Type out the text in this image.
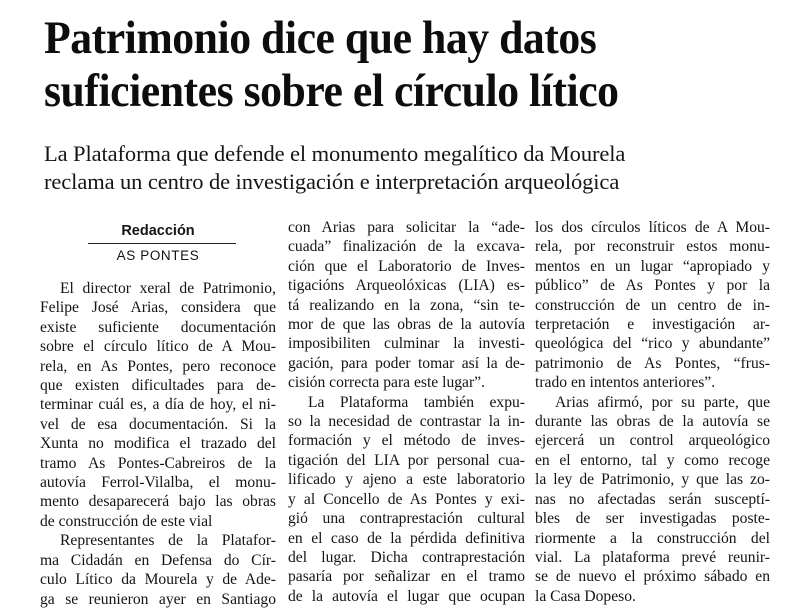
Patrimonio dice que hay datos
suficientes sobre el círculo lítico
La Plataforma que defende el monumento megalítico da Mourela
reclama un centro de investigación e interpretación arqueológica
Redacción
AS PONTES
El director xeral de Patrimonio,
Felipe José Arias, considera que
existe suficiente documentación
sobre el círculo lítico de A Mou-
rela, en As Pontes, pero reconoce
que existen dificultades para de-
terminar cuál es, a día de hoy, el ni-
vel de esa documentación. Si la
Xunta no modifica el trazado del
tramo As Pontes-Cabreiros de la
autovía Ferrol-Vilalba, el monu-
mento desaparecerá bajo las obras
de construcción de este vial
Representantes de la Platafor-
ma Cidadán en Defensa do Cír-
culo Lítico da Mourela y de Ade-
ga se reunieron ayer en Santiago
con Arias para solicitar la “ade-
cuada” finalización de la excava-
ción que el Laboratorio de Inves-
tigacións Arqueolóxicas (LIA) es-
tá realizando en la zona, “sin te-
mor de que las obras de la autovía
imposibiliten culminar la investi-
gación, para poder tomar así la de-
cisión correcta para este lugar”.
La Plataforma también expu-
so la necesidad de contrastar la in-
formación y el método de inves-
tigación del LIA por personal cua-
lificado y ajeno a este laboratorio
y al Concello de As Pontes y exi-
gió una contraprestación cultural
en el caso de la pérdida definitiva
del lugar. Dicha contraprestación
pasaría por señalizar en el tramo
de la autovía el lugar que ocupan
los dos círculos líticos de A Mou-
rela, por reconstruir estos monu-
mentos en un lugar “apropiado y
público” de As Pontes y por la
construcción de un centro de in-
terpretación e investigación ar-
queológica del “rico y abundante”
patrimonio de As Pontes, “frus-
trado en intentos anteriores”.
Arias afirmó, por su parte, que
durante las obras de la autovía se
ejercerá un control arqueológico
en el entorno, tal y como recoge
la ley de Patrimonio, y que las zo-
nas no afectadas serán susceptí-
bles de ser investigadas poste-
riormente a la construcción del
vial. La plataforma prevé reunir-
se de nuevo el próximo sábado en
la Casa Dopeso.
